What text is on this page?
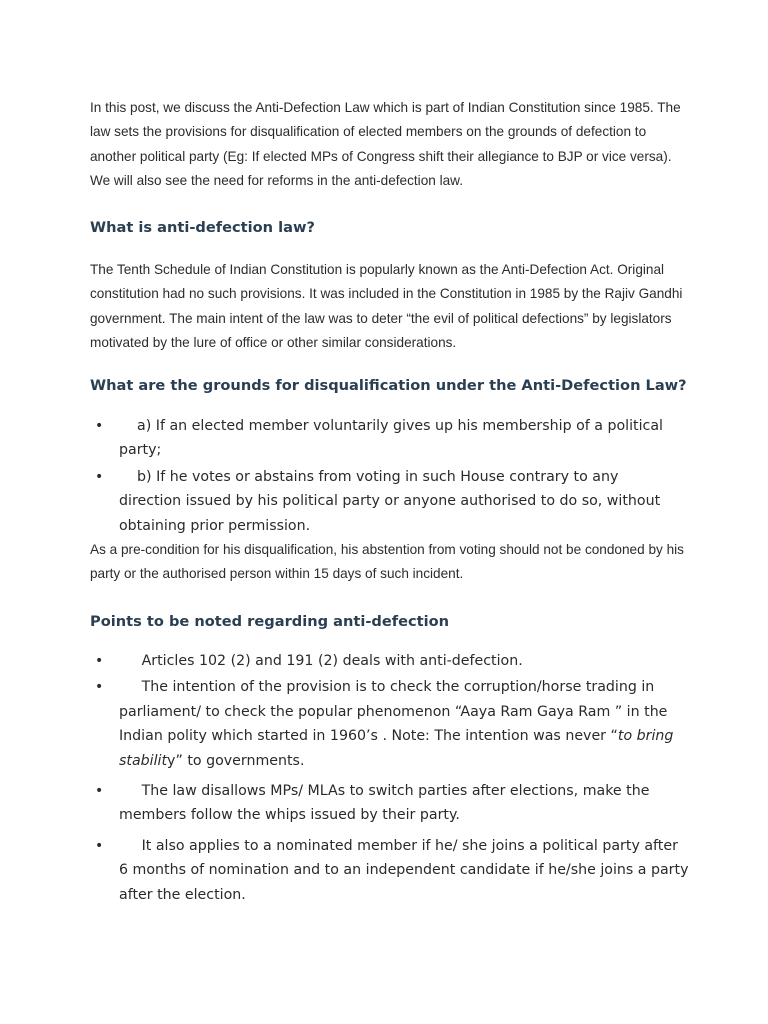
In this post, we discuss the Anti-Defection Law which is part of Indian Constitution since 1985. The law sets the provisions for disqualification of elected members on the grounds of defection to another political party (Eg: If elected MPs of Congress shift their allegiance to BJP or vice versa). We will also see the need for reforms in the anti-defection law.

What is anti-defection law?

The Tenth Schedule of Indian Constitution is popularly known as the Anti-Defection Act. Original constitution had no such provisions. It was included in the Constitution in 1985 by the Rajiv Gandhi government. The main intent of the law was to deter “the evil of political defections” by legislators motivated by the lure of office or other similar considerations.

What are the grounds for disqualification under the Anti-Defection Law?
• a) If an elected member voluntarily gives up his membership of a political party;
• b) If he votes or abstains from voting in such House contrary to any direction issued by his political party or anyone authorised to do so, without obtaining prior permission.

As a pre-condition for his disqualification, his abstention from voting should not be condoned by his party or the authorised person within 15 days of such incident.

Points to be noted regarding anti-defection
• Articles 102 (2) and 191 (2) deals with anti-defection.
• The intention of the provision is to check the corruption/horse trading in parliament/ to check the popular phenomenon “Aaya Ram Gaya Ram ” in the Indian polity which started in 1960’s . Note: The intention was never “to bring stability” to governments.
• The law disallows MPs/ MLAs to switch parties after elections, make the members follow the whips issued by their party.
• It also applies to a nominated member if he/ she joins a political party after 6 months of nomination and to an independent candidate if he/she joins a party after the election.
